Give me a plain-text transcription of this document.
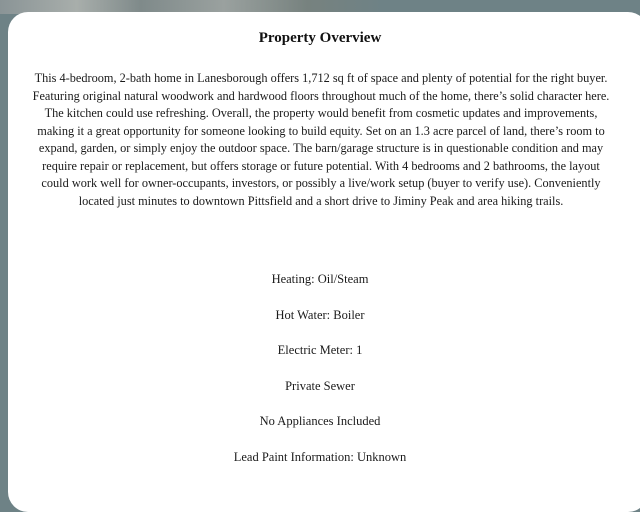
Property Overview
This 4-bedroom, 2-bath home in Lanesborough offers 1,712 sq ft of space and plenty of potential for the right buyer. Featuring original natural woodwork and hardwood floors throughout much of the home, there’s solid character here. The kitchen could use refreshing. Overall, the property would benefit from cosmetic updates and improvements, making it a great opportunity for someone looking to build equity. Set on an 1.3 acre parcel of land, there’s room to expand, garden, or simply enjoy the outdoor space. The barn/garage structure is in questionable condition and may require repair or replacement, but offers storage or future potential. With 4 bedrooms and 2 bathrooms, the layout could work well for owner-occupants, investors, or possibly a live/work setup (buyer to verify use). Conveniently located just minutes to downtown Pittsfield and a short drive to Jiminy Peak and area hiking trails.
Heating: Oil/Steam
Hot Water: Boiler
Electric Meter: 1
Private Sewer
No Appliances Included
Lead Paint Information: Unknown
